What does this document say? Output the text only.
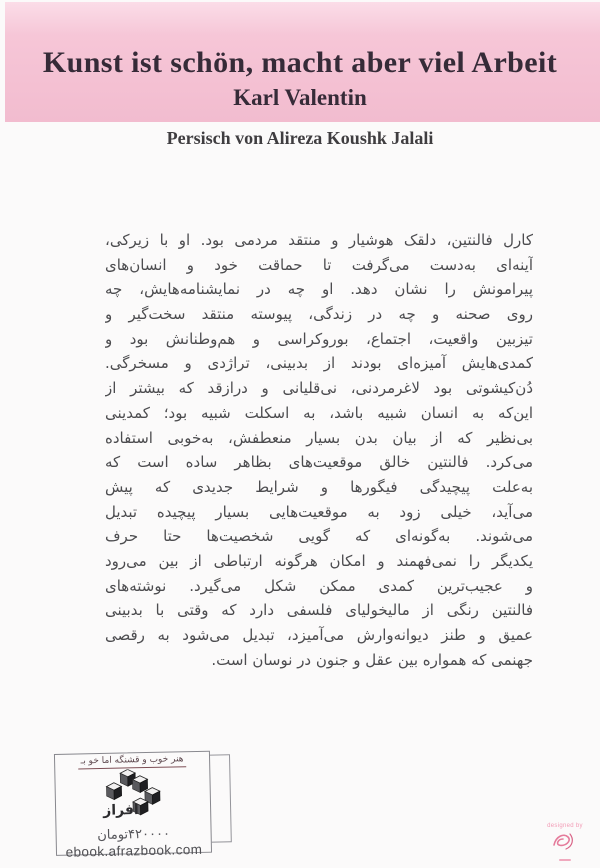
Kunst ist schön, macht aber viel Arbeit
Karl Valentin
Persisch von Alireza Koushk Jalali
کارل فالنتین، دلقک هوشیار و منتقد مردمی بود. او با زیرکی،
آینه‌ای به‌دست می‌گرفت تا حماقت خود و انسان‌های
پیرامونش را نشان دهد. او چه در نمایشنامه‌هایش، چه
روی صحنه و چه در زندگی، پیوسته منتقد سخت‌گیر و
تیزبین واقعیت، اجتماع، بوروکراسی و هم‌وطنانش بود و
کمدی‌هایش آمیزه‌ای بودند از بدبینی، تراژدی و مسخرگی.
دُن‌کیشوتی بود لاغرمردنی، نی‌قلیانی و درازقد که بیشتر از
این‌که به انسان شبیه باشد، به اسکلت شبیه بود؛ کمدینی
بی‌نظیر که از بیان بدن بسیار منعطفش، به‌خوبی استفاده
می‌کرد. فالنتین خالق موقعیت‌های بظاهر ساده است که
به‌علت پیچیدگی فیگورها و شرایط جدیدی که پیش
می‌آید، خیلی زود به موقعیت‌هایی بسیار پیچیده تبدیل
می‌شوند. به‌گونه‌ای که گویی شخصیت‌ها حتا حرف
یکدیگر را نمی‌فهمند و امکان هرگونه ارتباطی از بین می‌رود
و عجیب‌ترین کمدی ممکن شکل می‌گیرد. نوشته‌های
فالنتین رنگی از مالیخولیای فلسفی دارد که وقتی با بدبینی
عمیق و طنز دیوانه‌وارش می‌آمیزد، تبدیل می‌شود به رقصی
جهنمی که همواره بین عقل و جنون در نوسان است.
هنر خوب و قشنگه اما خو بـ
افراز
۴۲۰۰۰۰تومان
ebook.afrazbook.com
designed by
